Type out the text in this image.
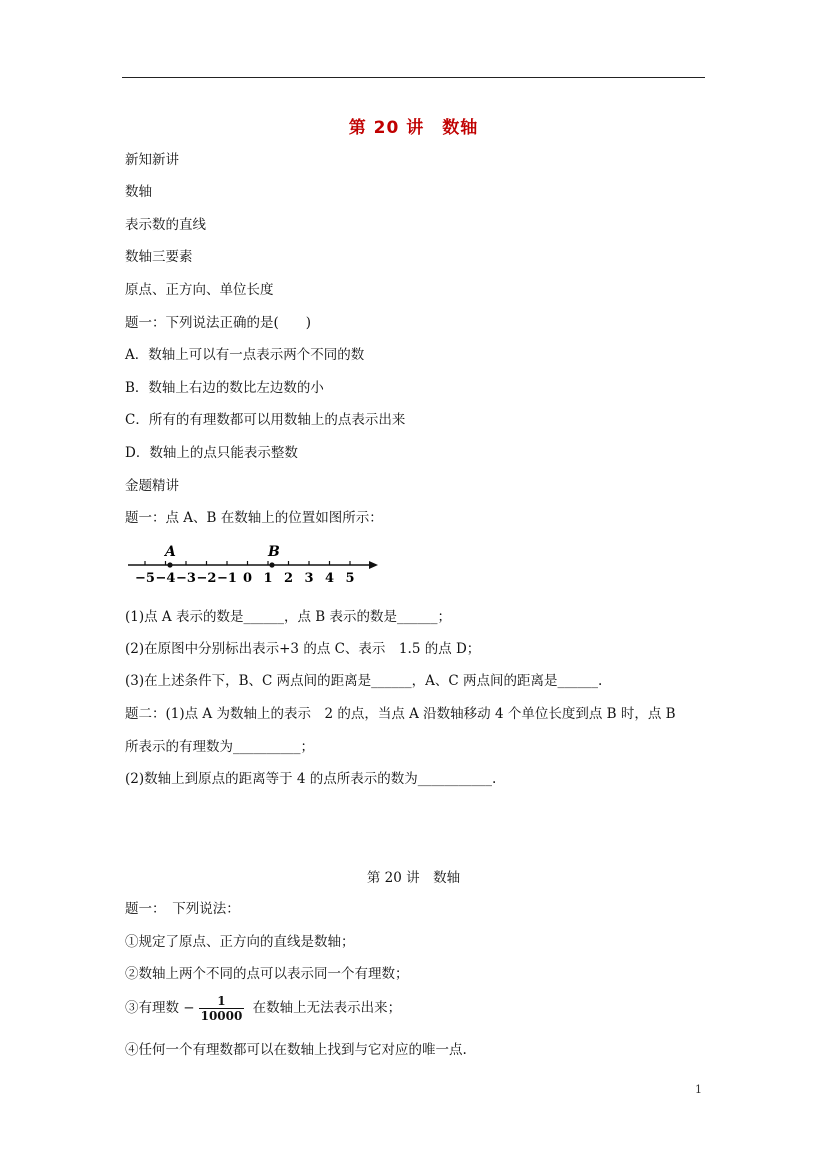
第 20 讲　数轴
新知新讲
数轴
表示数的直线
数轴三要素
原点、正方向、单位长度
题一：下列说法正确的是(　　)
A．数轴上可以有一点表示两个不同的数
B．数轴上右边的数比左边数的小
C．所有的有理数都可以用数轴上的点表示出来
D．数轴上的点只能表示整数
金题精讲
题一：点 A、B 在数轴上的位置如图所示：
−5 −4 −3 −2 −1 0 1 2 3 4 5
A	B
(1)点 A 表示的数是______，点 B 表示的数是______；
(2)在原图中分别标出表示+3 的点 C、表示　1.5 的点 D；
(3)在上述条件下，B、C 两点间的距离是______，A、C 两点间的距离是______.
题二：(1)点 A 为数轴上的表示　2 的点，当点 A 沿数轴移动 4 个单位长度到点 B 时，点 B
所表示的有理数为__________；
(2)数轴上到原点的距离等于 4 的点所表示的数为___________.
第 20 讲　数轴
题一：　下列说法：
①规定了原点、正方向的直线是数轴；
②数轴上两个不同的点可以表示同一个有理数；
③有理数 − $\frac{1}{10000}$ 在数轴上无法表示出来；
④任何一个有理数都可以在数轴上找到与它对应的唯一点.
1
